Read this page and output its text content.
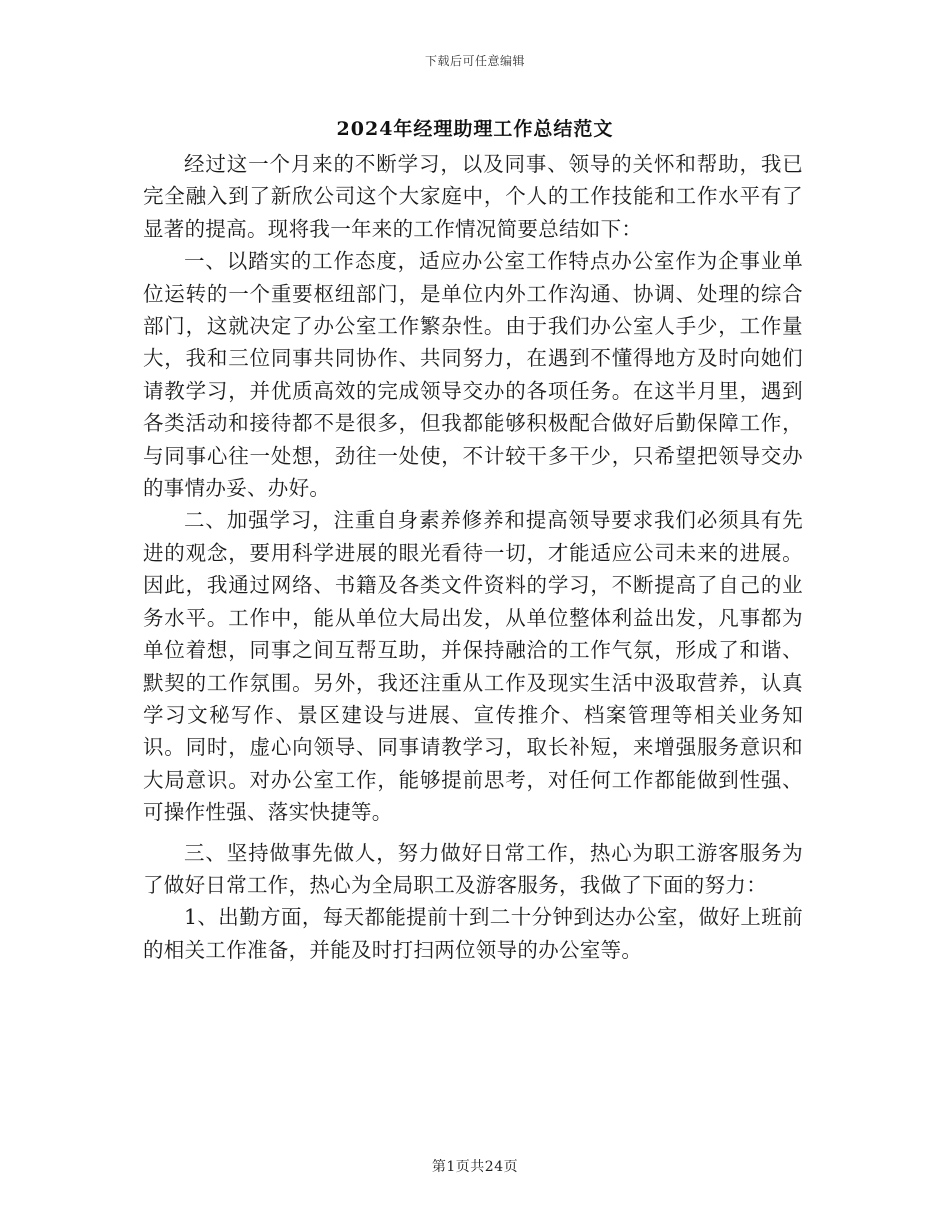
下载后可任意编辑
2024年经理助理工作总结范文

经过这一个月来的不断学习，以及同事、领导的关怀和帮助，我已完全融入到了新欣公司这个大家庭中，个人的工作技能和工作水平有了显著的提高。现将我一年来的工作情况简要总结如下：

一、以踏实的工作态度，适应办公室工作特点办公室作为企事业单位运转的一个重要枢纽部门，是单位内外工作沟通、协调、处理的综合部门，这就决定了办公室工作繁杂性。由于我们办公室人手少，工作量大，我和三位同事共同协作、共同努力，在遇到不懂得地方及时向她们请教学习，并优质高效的完成领导交办的各项任务。在这半月里，遇到各类活动和接待都不是很多，但我都能够积极配合做好后勤保障工作，与同事心往一处想，劲往一处使，不计较干多干少，只希望把领导交办的事情办妥、办好。

二、加强学习，注重自身素养修养和提高领导要求我们必须具有先进的观念，要用科学进展的眼光看待一切，才能适应公司未来的进展。因此，我通过网络、书籍及各类文件资料的学习，不断提高了自己的业务水平。工作中，能从单位大局出发，从单位整体利益出发，凡事都为单位着想，同事之间互帮互助，并保持融洽的工作气氛，形成了和谐、默契的工作氛围。另外，我还注重从工作及现实生活中汲取营养，认真学习文秘写作、景区建设与进展、宣传推介、档案管理等相关业务知识。同时，虚心向领导、同事请教学习，取长补短，来增强服务意识和大局意识。对办公室工作，能够提前思考，对任何工作都能做到性强、可操作性强、落实快捷等。

三、坚持做事先做人，努力做好日常工作，热心为职工游客服务为了做好日常工作，热心为全局职工及游客服务，我做了下面的努力：

1、出勤方面，每天都能提前十到二十分钟到达办公室，做好上班前的相关工作准备，并能及时打扫两位领导的办公室等。

第1页共24页
